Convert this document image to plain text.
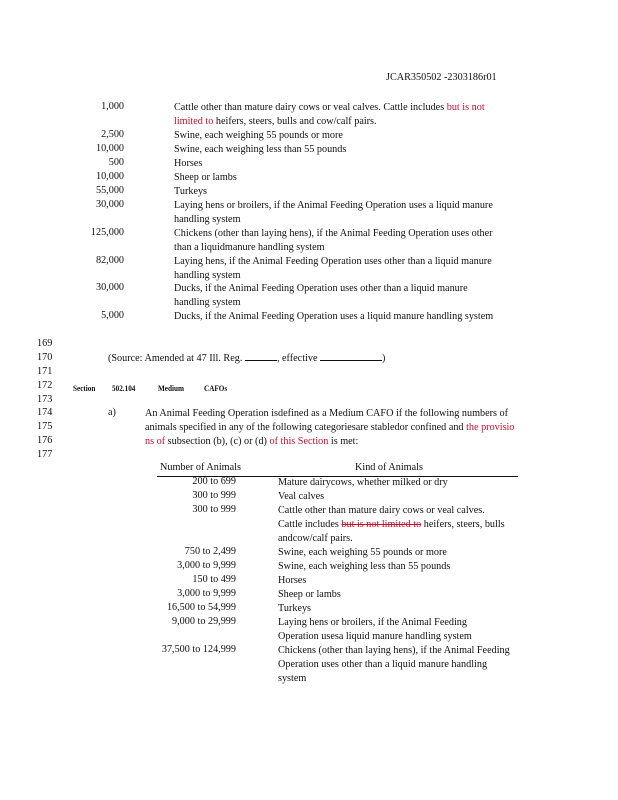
JCAR350502 -2303186r01
1,000	Cattle other than mature dairy cows or veal calves. Cattle includes but is not limited to heifers, steers, bulls and cow/calf pairs.
2,500	Swine, each weighing 55 pounds or more
10,000	Swine, each weighing less than 55 pounds
500	Horses
10,000	Sheep or lambs
55,000	Turkeys
30,000	Laying hens or broilers, if the Animal Feeding Operation uses a liquid manure handling system
125,000	Chickens (other than laying hens), if the Animal Feeding Operation uses other than a liquidmanure handling system
82,000	Laying hens, if the Animal Feeding Operation uses other than a liquid manure handling system
30,000	Ducks, if the Animal Feeding Operation uses other than a liquid manure handling system
5,000	Ducks, if the Animal Feeding Operation uses a liquid manure handling system
169
170
171
172
173
174
175
176
177
(Source: Amended at 47 Ill. Reg.	, effective	)
Section 502.104	Medium CAFOs
a)	An Animal Feeding Operation isdefined as a Medium CAFO if the following numbers of animals specified in any of the following categoriesare stabledor confined and the provisio ns of subsection (b), (c) or (d) of this Section is met:
Number of Animals	Kind of Animals
200 to 699	Mature dairycows, whether milked or dry
300 to 999	Veal calves
300 to 999	Cattle other than mature dairy cows or veal calves. Cattle includes but is not limited to heifers, steers, bulls andcow/calf pairs.
750 to 2,499	Swine, each weighing 55 pounds or more
3,000 to 9,999	Swine, each weighing less than 55 pounds
150 to 499	Horses
3,000 to 9,999	Sheep or lambs
16,500 to 54,999	Turkeys
9,000 to 29,999	Laying hens or broilers, if the Animal Feeding Operation usesa liquid manure handling system
37,500 to 124,999	Chickens (other than laying hens), if the Animal Feeding Operation uses other than a liquid manure handling system
